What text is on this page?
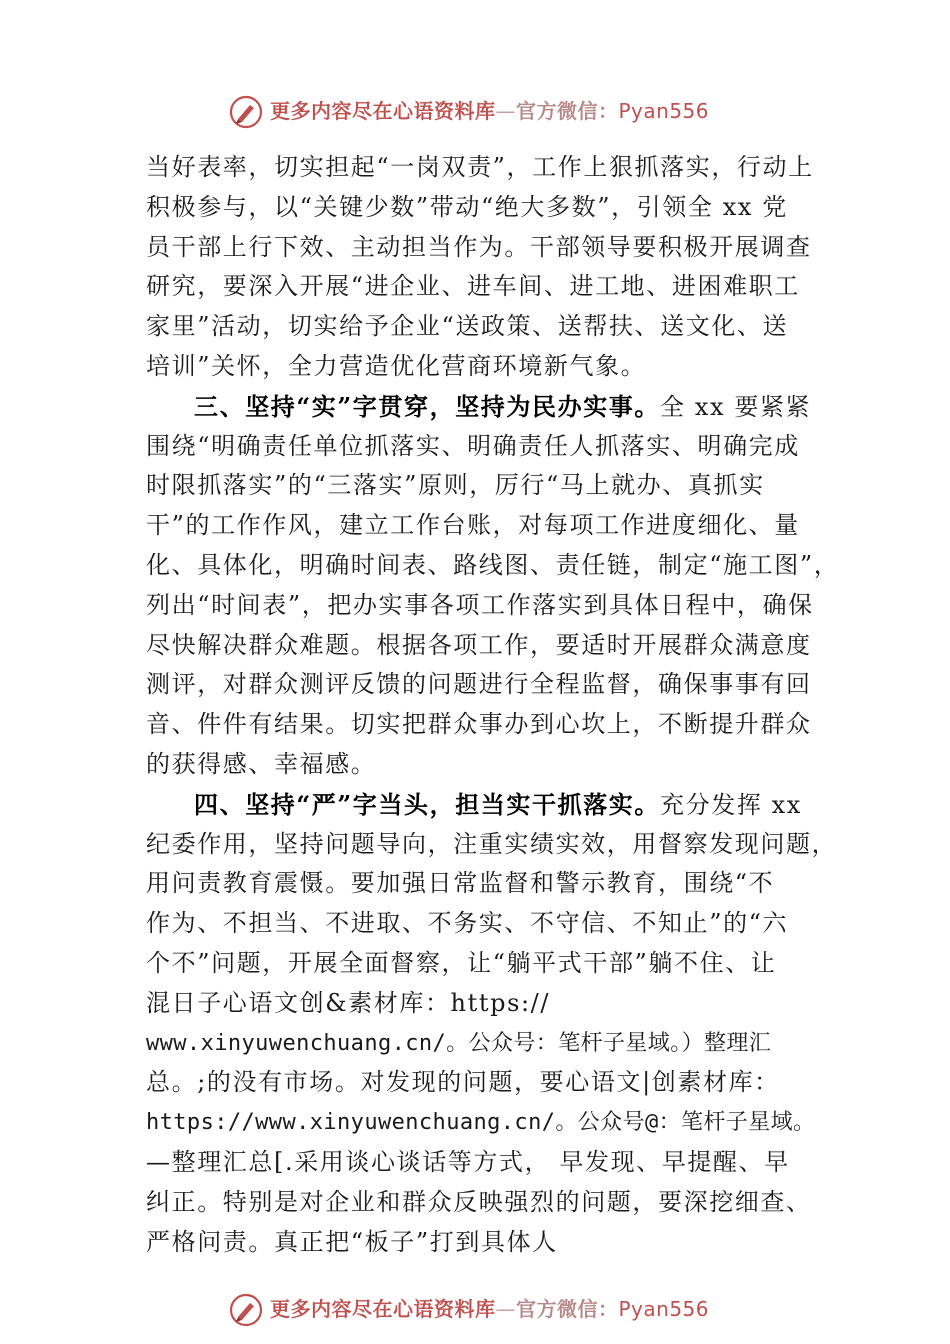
更多内容尽在心语资料库—官方微信：Pyan556
当好表率，切实担起“一岗双责”，工作上狠抓落实，行动上
积极参与，以“关键少数”带动“绝大多数”，引领全 xx 党
员干部上行下效、主动担当作为。干部领导要积极开展调查
研究，要深入开展“进企业、进车间、进工地、进困难职工
家里”活动，切实给予企业“送政策、送帮扶、送文化、送
培训”关怀，全力营造优化营商环境新气象。
三、坚持“实”字贯穿，坚持为民办实事。全 xx 要紧紧
围绕“明确责任单位抓落实、明确责任人抓落实、明确完成
时限抓落实”的“三落实”原则，厉行“马上就办、真抓实
干”的工作作风，建立工作台账，对每项工作进度细化、量
化、具体化，明确时间表、路线图、责任链，制定“施工图”，
列出“时间表”，把办实事各项工作落实到具体日程中，确保
尽快解决群众难题。根据各项工作，要适时开展群众满意度
测评，对群众测评反馈的问题进行全程监督，确保事事有回
音、件件有结果。切实把群众事办到心坎上，不断提升群众
的获得感、幸福感。
四、坚持“严”字当头，担当实干抓落实。充分发挥 xx
纪委作用，坚持问题导向，注重实绩实效，用督察发现问题，
用问责教育震慑。要加强日常监督和警示教育，围绕“不
作为、不担当、不进取、不务实、不守信、不知止”的“六
个不”问题，开展全面督察，让“躺平式干部”躺不住、让
混日子心语文创&素材库：https://
www.xinyuwenchuang.cn/。公众号：笔杆子星域。）整理汇
总。;的没有市场。对发现的问题，要心语文|创素材库：
https://www.xinyuwenchuang.cn/。公众号@：笔杆子星域。
—整理汇总[.采用谈心谈话等方式， 早发现、早提醒、早
纠正。特别是对企业和群众反映强烈的问题，要深挖细查、
严格问责。真正把“板子”打到具体人
更多内容尽在心语资料库—官方微信：Pyan556
